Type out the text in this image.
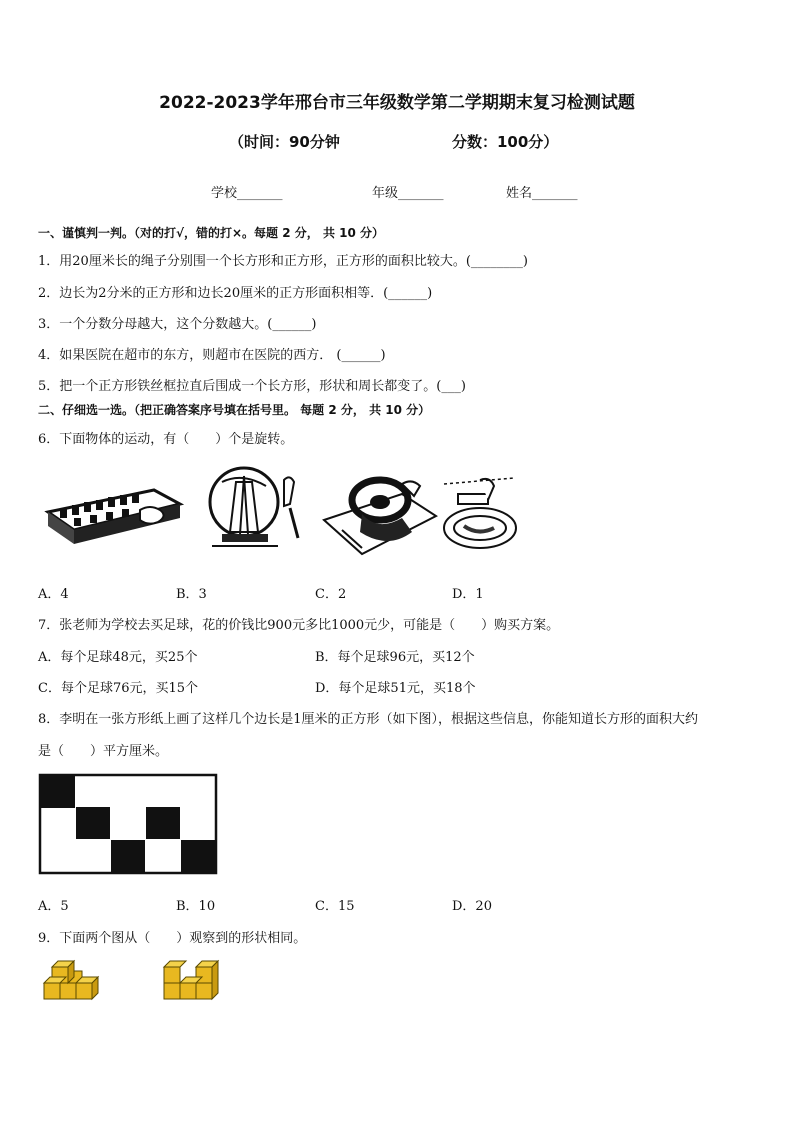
2022-2023学年邢台市三年级数学第二学期期末复习检测试题
（时间：90分钟	分数：100分）
学校_______	年级_______	姓名_______
一、谨慎判一判。（对的打√，错的打×。每题 2 分， 共 10 分）
1．用20厘米长的绳子分别围一个长方形和正方形，正方形的面积比较大。(________)
2．边长为2分米的正方形和边长20厘米的正方形面积相等．(______)
3．一个分数分母越大，这个分数越大。(______)
4．如果医院在超市的东方，则超市在医院的西方． (______)
5．把一个正方形铁丝框拉直后围成一个长方形，形状和周长都变了。(___)
二、仔细选一选。（把正确答案序号填在括号里。 每题 2 分， 共 10 分）
6．下面物体的运动，有（　　）个是旋转。
A．4	B．3	C．2	D．1
7．张老师为学校去买足球，花的价钱比900元多比1000元少，可能是（　　）购买方案。
A．每个足球48元，买25个	B．每个足球96元，买12个
C．每个足球76元，买15个	D．每个足球51元，买18个
8．李明在一张方形纸上画了这样几个边长是1厘米的正方形（如下图），根据这些信息，你能知道长方形的面积大约
是（　　）平方厘米。
A．5	B．10	C．15	D．20
9．下面两个图从（　　）观察到的形状相同。
